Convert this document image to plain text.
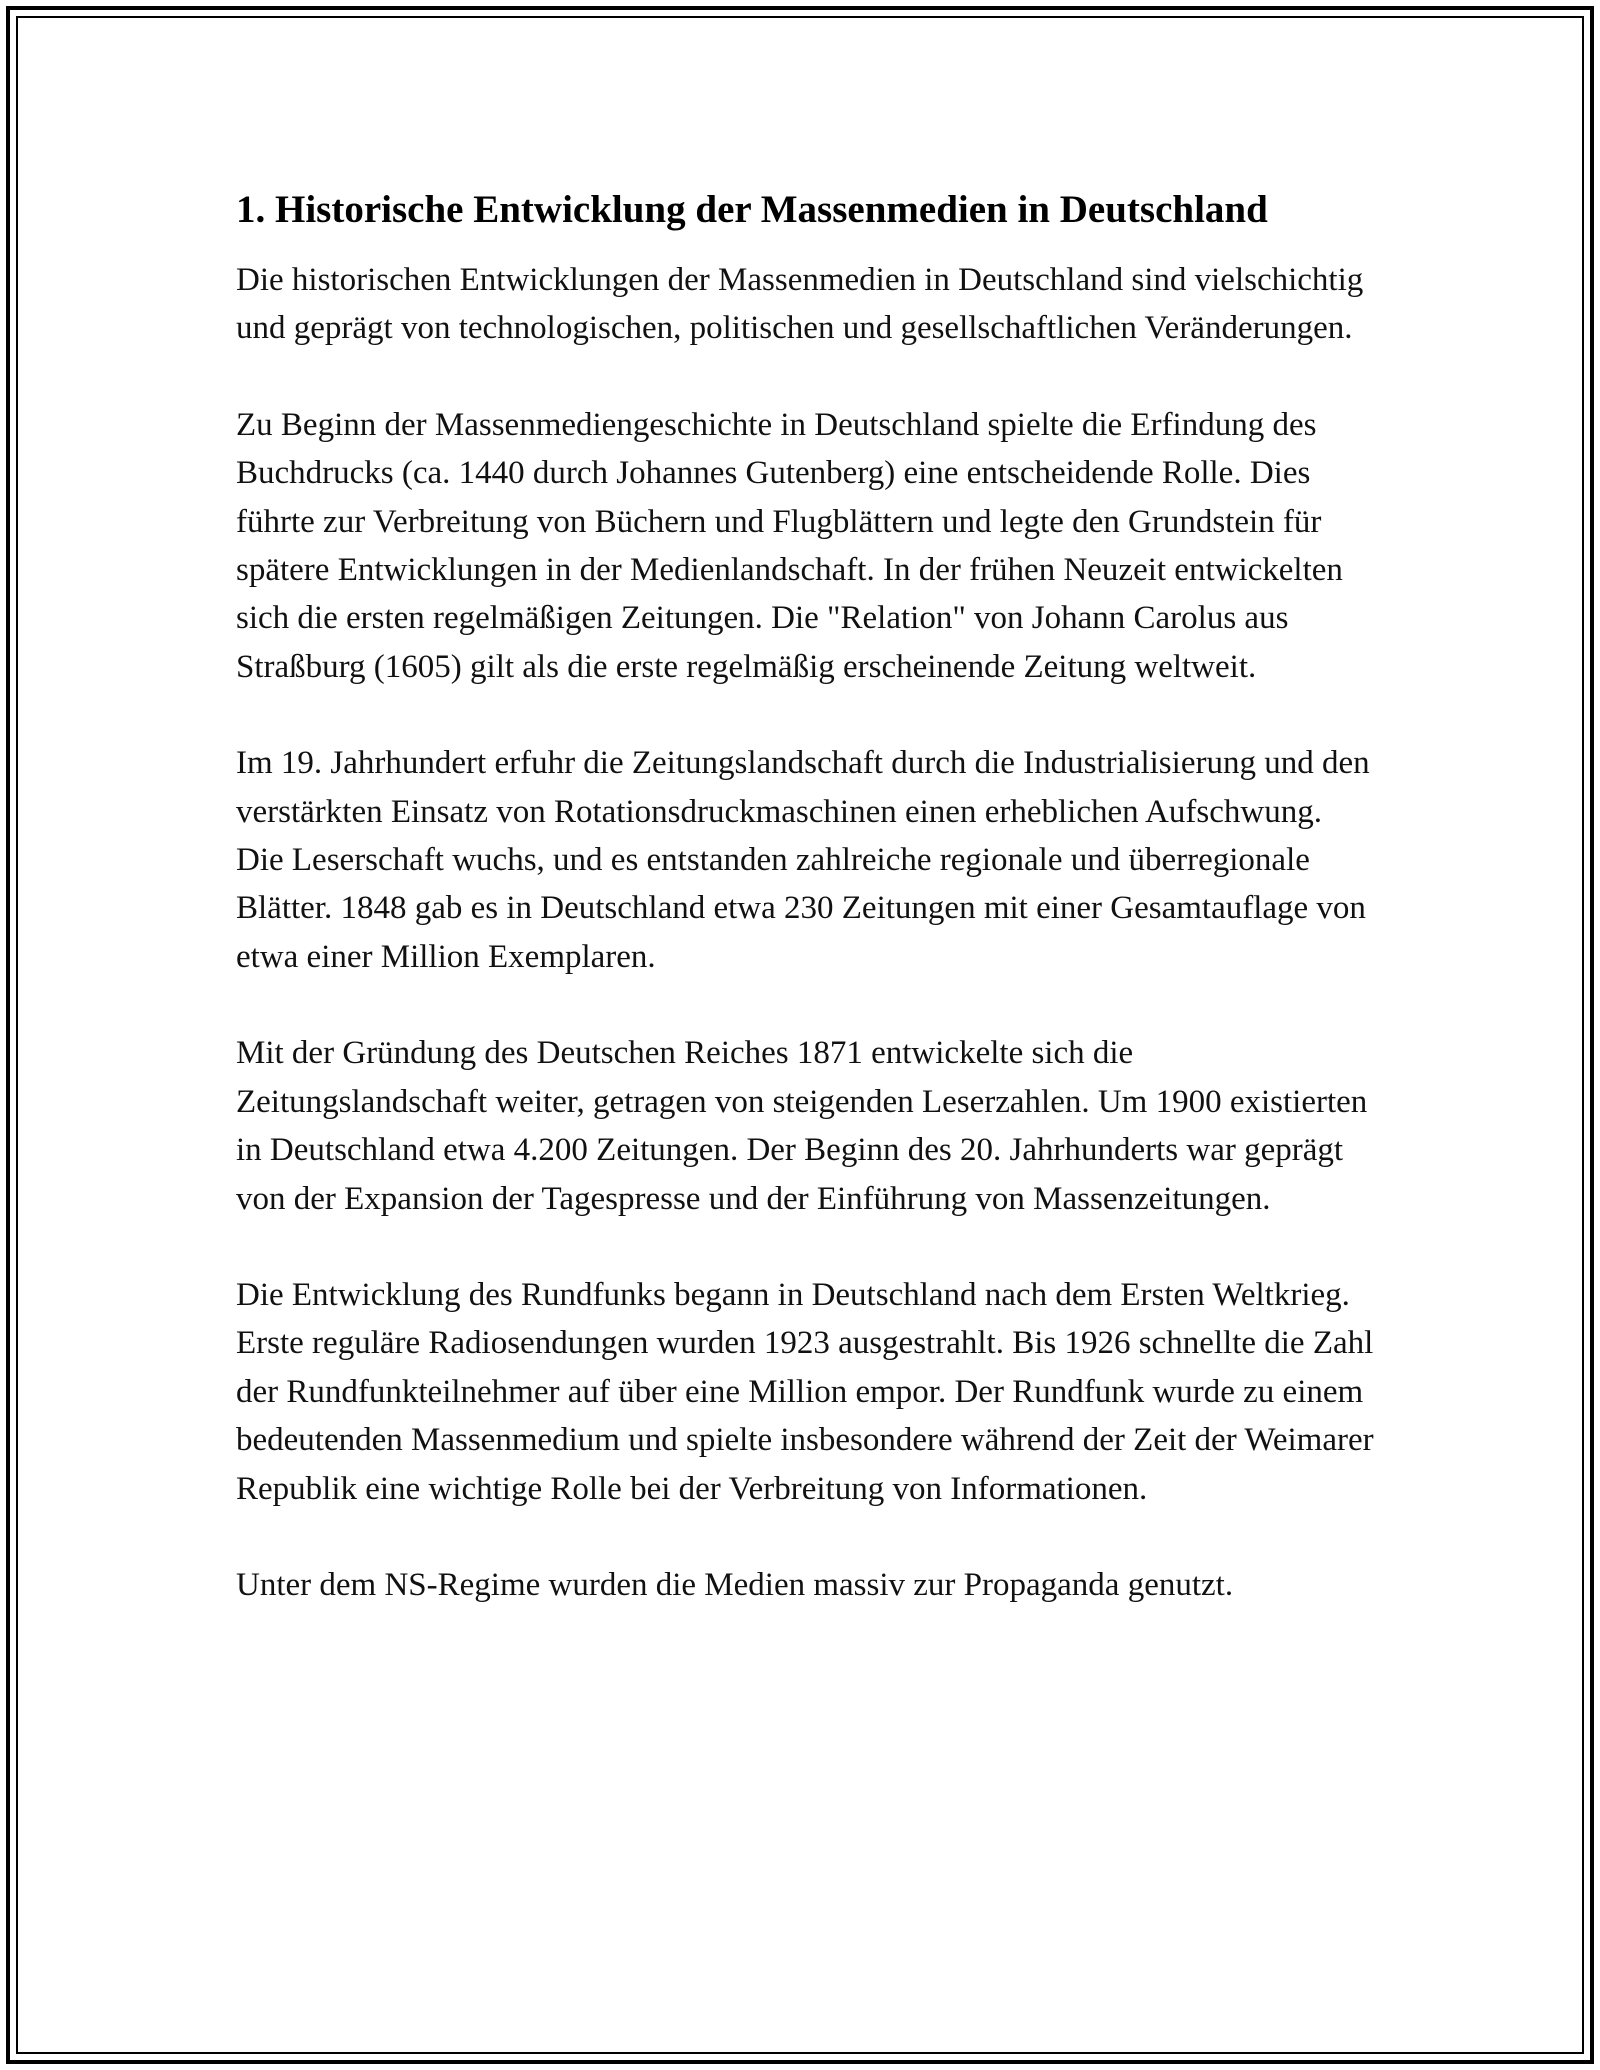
1. Historische Entwicklung der Massenmedien in Deutschland

Die historischen Entwicklungen der Massenmedien in Deutschland sind vielschichtig und geprägt von technologischen, politischen und gesellschaftlichen Veränderungen.

Zu Beginn der Massenmediengeschichte in Deutschland spielte die Erfindung des Buchdrucks (ca. 1440 durch Johannes Gutenberg) eine entscheidende Rolle. Dies führte zur Verbreitung von Büchern und Flugblättern und legte den Grundstein für spätere Entwicklungen in der Medienlandschaft. In der frühen Neuzeit entwickelten sich die ersten regelmäßigen Zeitungen. Die "Relation" von Johann Carolus aus Straßburg (1605) gilt als die erste regelmäßig erscheinende Zeitung weltweit.

Im 19. Jahrhundert erfuhr die Zeitungslandschaft durch die Industrialisierung und den verstärkten Einsatz von Rotationsdruckmaschinen einen erheblichen Aufschwung. Die Leserschaft wuchs, und es entstanden zahlreiche regionale und überregionale Blätter. 1848 gab es in Deutschland etwa 230 Zeitungen mit einer Gesamtauflage von etwa einer Million Exemplaren.

Mit der Gründung des Deutschen Reiches 1871 entwickelte sich die Zeitungslandschaft weiter, getragen von steigenden Leserzahlen. Um 1900 existierten in Deutschland etwa 4.200 Zeitungen. Der Beginn des 20. Jahrhunderts war geprägt von der Expansion der Tagespresse und der Einführung von Massenzeitungen.

Die Entwicklung des Rundfunks begann in Deutschland nach dem Ersten Weltkrieg. Erste reguläre Radiosendungen wurden 1923 ausgestrahlt. Bis 1926 schnellte die Zahl der Rundfunkteilnehmer auf über eine Million empor. Der Rundfunk wurde zu einem bedeutenden Massenmedium und spielte insbesondere während der Zeit der Weimarer Republik eine wichtige Rolle bei der Verbreitung von Informationen.

Unter dem NS-Regime wurden die Medien massiv zur Propaganda genutzt.
